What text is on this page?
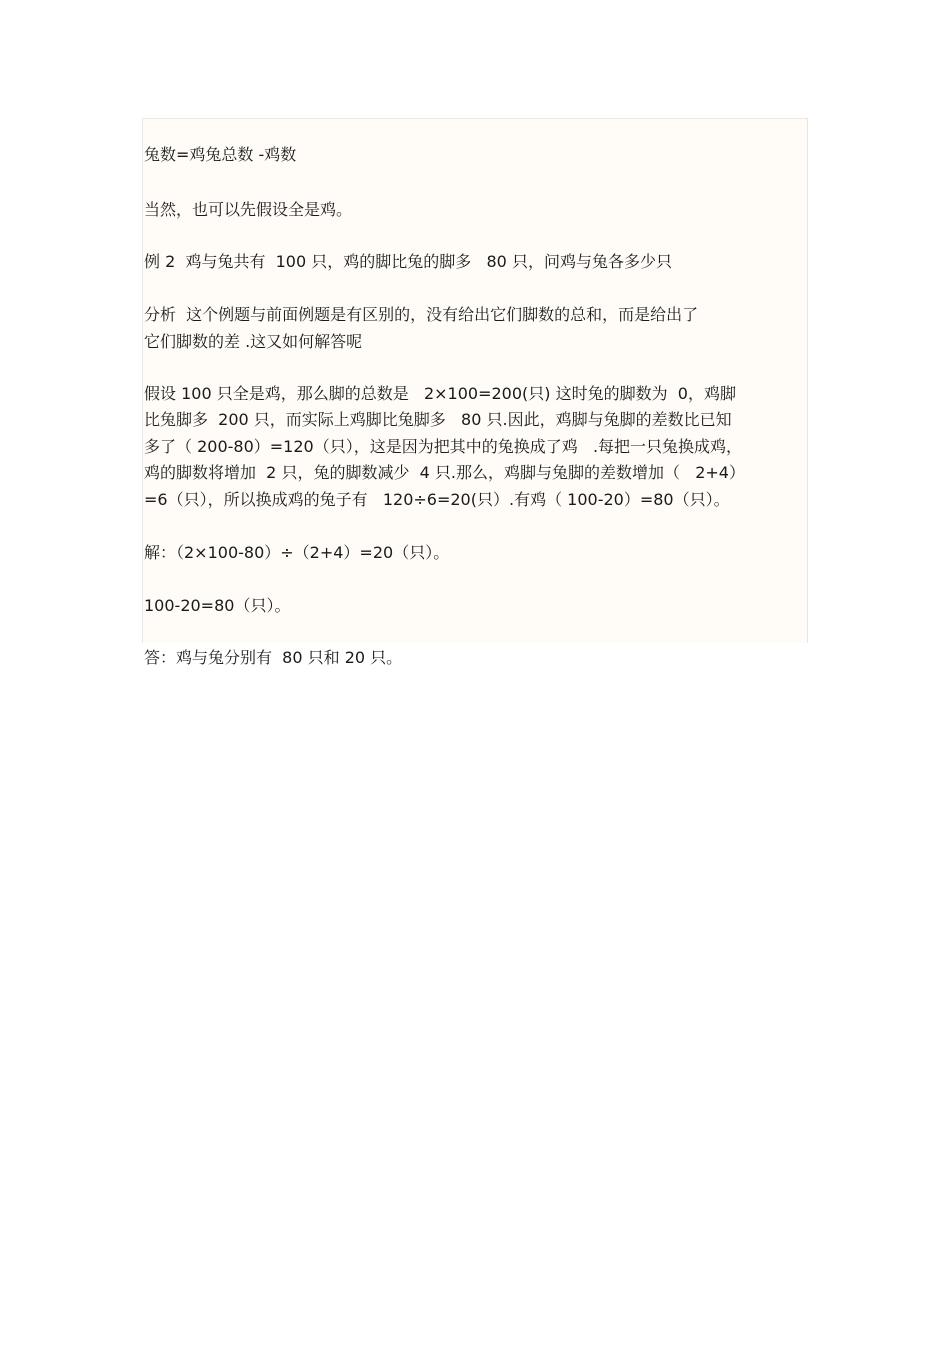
兔数=鸡兔总数 -鸡数

当然，也可以先假设全是鸡。

例 2  鸡与兔共有  100 只，鸡的脚比兔的脚多   80 只，问鸡与兔各多少只

分析  这个例题与前面例题是有区别的，没有给出它们脚数的总和，而是给出了

它们脚数的差 .这又如何解答呢

假设 100 只全是鸡，那么脚的总数是   2×100=200(只) 这时兔的脚数为  0，鸡脚

比兔脚多  200 只，而实际上鸡脚比兔脚多   80 只.因此，鸡脚与兔脚的差数比已知

多了（ 200-80）=120（只），这是因为把其中的兔换成了鸡   .每把一只兔换成鸡，

鸡的脚数将增加  2 只，兔的脚数减少  4 只.那么，鸡脚与兔脚的差数增加（   2+4）

=6（只），所以换成鸡的兔子有   120÷6=20(只）.有鸡（ 100-20）=80（只）。

解：（2×100-80）÷（2+4）=20（只）。

100-20=80（只）。

答：鸡与兔分别有  80 只和 20 只。
